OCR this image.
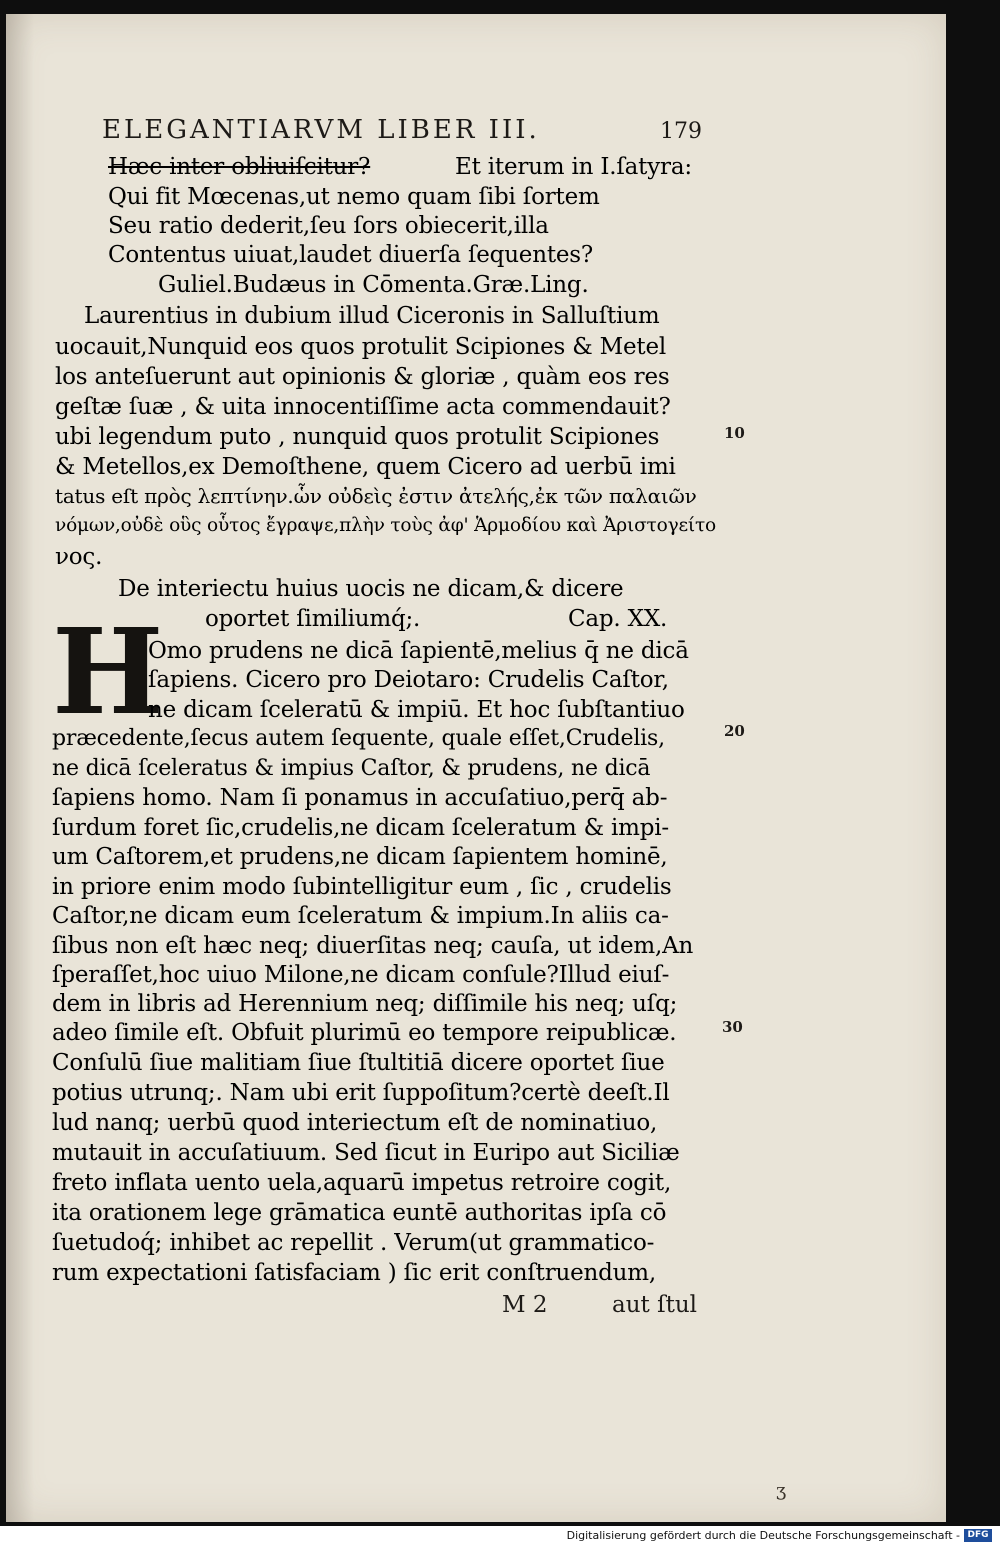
ELEGANTIARVM LIBER III.	179
Hæc inter obliuiſcitur?	Et iterum in I.ſatyra:
Qui fit Mœcenas,ut nemo quam ſibi ſortem
Seu ratio dederit,ſeu ſors obiecerit,illa
Contentus uiuat,laudet diuerſa ſequentes?
Guliel.Budæus in Cōmenta.Græ.Ling.
Laurentius in dubium illud Ciceronis in Salluſtium
uocauit,Nunquid eos quos protulit Scipiones & Metel
los anteſuerunt aut opinionis & gloriæ , quàm eos res
geſtæ ſuæ , & uita innocentiſſime acta commendauit?
ubi legendum puto , nunquid quos protulit Scipiones
& Metellos,ex Demoſthene, quem Cicero ad uerbū imi
tatus eſt πρὸς λεπτίνην.ὧν οὐδεὶς ἐστιν ἀτελής,ἐκ τῶν παλαιῶν
νόμων,οὐδὲ οὓς οὗτος ἔγραψε,πλὴν τοὺς ἀφ' Ἁρμοδίου καὶ Ἀριστογείτο
νος.
De interiectu huius uocis ne dicam,& dicere
oportet ſimiliumq́;.	Cap. XX.
H
Omo prudens ne dicā ſapientē,melius q̄ ne dicā
ſapiens. Cicero pro Deiotaro: Crudelis Caſtor,
ne dicam ſceleratū & impiū. Et hoc ſubſtantiuo
præcedente,ſecus autem ſequente, quale eſſet,Crudelis,
ne dicā ſceleratus & impius Caſtor, & prudens, ne dicā
ſapiens homo. Nam ſi ponamus in accuſatiuo,perq̄ ab-
ſurdum foret ſic,crudelis,ne dicam ſceleratum & impi-
um Caſtorem,et prudens,ne dicam ſapientem hominē,
in priore enim modo ſubintelligitur eum , ſic , crudelis
Caſtor,ne dicam eum ſceleratum & impium.In aliis ca-
ſibus non eſt hæc neq; diuerſitas neq; cauſa, ut idem,An
ſperaſſet,hoc uiuo Milone,ne dicam conſule?Illud eiuſ-
dem in libris ad Herennium neq; diſſimile his neq; uſq;
adeo ſimile eſt. Obfuit plurimū eo tempore reipublicæ.
Conſulū ſiue malitiam ſiue ſtultitiā dicere oportet ſiue
potius utrunq;. Nam ubi erit ſuppoſitum?certè deeſt.Il
lud nanq; uerbū quod interiectum eſt de nominatiuo,
mutauit in accuſatiuum. Sed ſicut in Euripo aut Siciliæ
freto inflata uento uela,aquarū impetus retroire cogit,
ita orationem lege grāmatica euntē authoritas ipſa cō
ſuetudoq́; inhibet ac repellit . Verum(ut grammatico-
rum expectationi ſatisfaciam ) ſic erit conſtruendum,
M 2	aut ſtul
10
20
30
ʒ
Digitalisierung gefördert durch die Deutsche Forschungsgemeinschaft - DFG
